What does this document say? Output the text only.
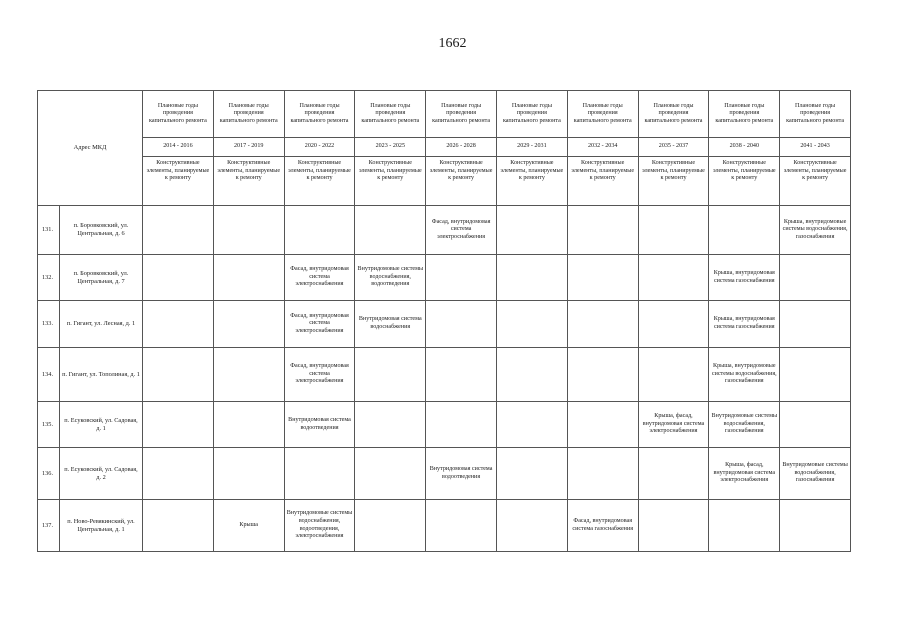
1662
Адрес МКД		Плановые годы проведения капитального ремонта	Плановые годы проведения капитального ремонта	Плановые годы проведения капитального ремонта	Плановые годы проведения капитального ремонта	Плановые годы проведения капитального ремонта	Плановые годы проведения капитального ремонта	Плановые годы проведения капитального ремонта	Плановые годы проведения капитального ремонта	Плановые годы проведения капитального ремонта	Плановые годы проведения капитального ремонта
		2014 - 2016	2017 - 2019	2020 - 2022	2023 - 2025	2026 - 2028	2029 - 2031	2032 - 2034	2035 - 2037	2038 - 2040	2041 - 2043
		Конструктивные элементы, планируемые к ремонту	Конструктивные элементы, планируемые к ремонту	Конструктивные элементы, планируемые к ремонту	Конструктивные элементы, планируемые к ремонту	Конструктивные элементы, планируемые к ремонту	Конструктивные элементы, планируемые к ремонту	Конструктивные элементы, планируемые к ремонту	Конструктивные элементы, планируемые к ремонту	Конструктивные элементы, планируемые к ремонту	Конструктивные элементы, планируемые к ремонту
131.	п. Боровковский, ул. Центральная, д. 6					Фасад, внутридомовая система электроснабжения					Крыша, внутридомовые системы водоснабжения, газоснабжения
132.	п. Боровковский, ул. Центральная, д. 7			Фасад, внутридомовая система электроснабжения	Внутридомовые системы водоснабжения, водоотведения					Крыша, внутридомовая система газоснабжения	
133.	п. Гигант, ул. Лесная, д. 1			Фасад, внутридомовая система электроснабжения	Внутридомовая система водоснабжения					Крыша, внутридомовая система газоснабжения	
134.	п. Гигант, ул. Тополиная, д. 1			Фасад, внутридомовая система электроснабжения						Крыша, внутридомовые системы водоснабжения, газоснабжения	
135.	п. Есуковский, ул. Садовая, д. 1			Внутридомовая система водоотведения					Крыша, фасад, внутридомовая система электроснабжения	Внутридомовые системы водоснабжения, газоснабжения	
136.	п. Есуковский, ул. Садовая, д. 2					Внутридомовая система водоотведения				Крыша, фасад, внутридомовая система электроснабжения	Внутридомовые системы водоснабжения, газоснабжения
137.	п. Ново-Ревякинский, ул. Центральная, д. 1		Крыша	Внутридомовые системы водоснабжения, водоотведения, электроснабжения				Фасад, внутридомовая система газоснабжения			
